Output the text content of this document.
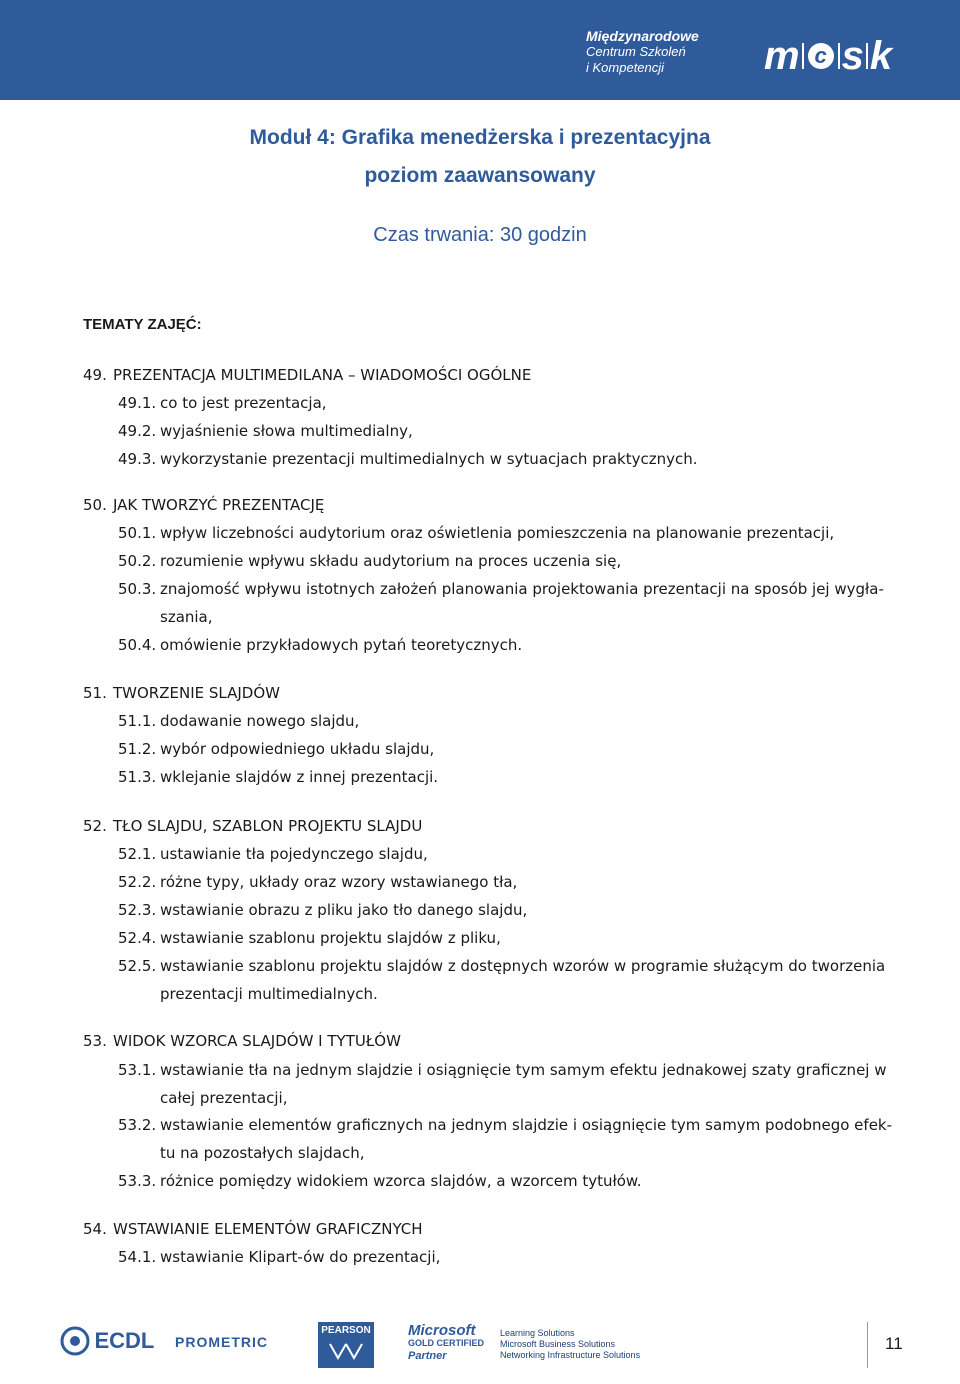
Międzynarodowe
Centrum Szkoleń
i Kompetencji	m c s k
Moduł 4: Grafika menedżerska i prezentacyjna
poziom zaawansowany
Czas trwania: 30 godzin
TEMATY ZAJĘĆ:
49. PREZENTACJA MULTIMEDILANA – WIADOMOŚCI OGÓLNE
49.1. co to jest prezentacja,
49.2. wyjaśnienie słowa multimedialny,
49.3. wykorzystanie prezentacji multimedialnych w sytuacjach praktycznych.
50. JAK TWORZYĆ PREZENTACJĘ
50.1. wpływ liczebności audytorium oraz oświetlenia pomieszczenia na planowanie prezentacji,
50.2. rozumienie wpływu składu audytorium na proces uczenia się,
50.3. znajomość wpływu istotnych założeń planowania projektowania prezentacji na sposób jej wygła-
szania,
50.4. omówienie przykładowych pytań teoretycznych.
51. TWORZENIE SLAJDÓW
51.1. dodawanie nowego slajdu,
51.2. wybór odpowiedniego układu slajdu,
51.3. wklejanie slajdów z innej prezentacji.
52. TŁO SLAJDU, SZABLON PROJEKTU SLAJDU
52.1. ustawianie tła pojedynczego slajdu,
52.2. różne typy, układy oraz wzory wstawianego tła,
52.3. wstawianie obrazu z pliku jako tło danego slajdu,
52.4. wstawianie szablonu projektu slajdów z pliku,
52.5. wstawianie szablonu projektu slajdów z dostępnych wzorów w programie służącym do tworzenia
prezentacji multimedialnych.
53. WIDOK WZORCA SLAJDÓW I TYTUŁÓW
53.1. wstawianie tła na jednym slajdzie i osiągnięcie tym samym efektu jednakowej szaty graficznej w
całej prezentacji,
53.2. wstawianie elementów graficznych na jednym slajdzie i osiągnięcie tym samym podobnego efek-
tu na pozostałych slajdach,
53.3. różnice pomiędzy widokiem wzorca slajdów, a wzorcem tytułów.
54. WSTAWIANIE ELEMENTÓW GRAFICZNYCH
54.1. wstawianie Klipart-ów do prezentacji,
ECDL PROMETRIC
PEARSON Microsoft
GOLD CERTIFIED
Partner
Learning Solutions
Microsoft Business Solutions
Networking Infrastructure Solutions
11
